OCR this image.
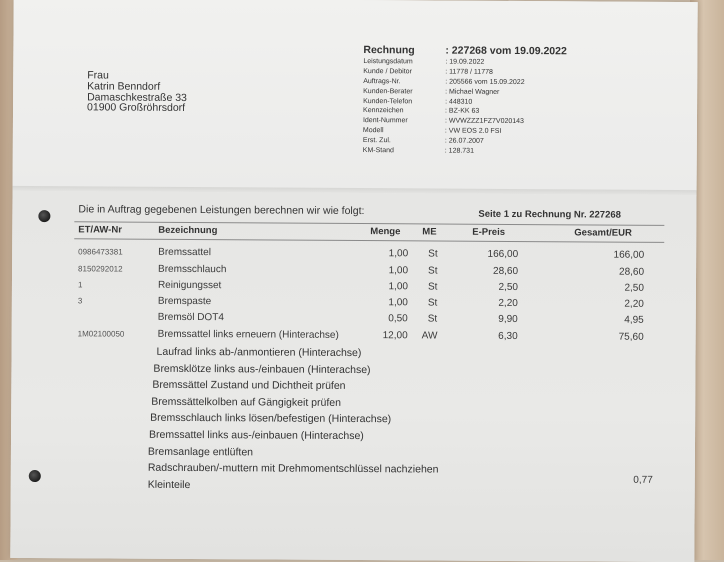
Frau
Katrin Benndorf
Damaschkestraße 33
01900 Großröhrsdorf
Rechnung	: 227268 vom 19.09.2022
Leistungsdatum	: 19.09.2022
Kunde / Debitor	: 11778 / 11778
Auftrags-Nr.	: 205566 vom 15.09.2022
Kunden-Berater	: Michael Wagner
Kunden-Telefon	: 448310
Kennzeichen	: BZ-KK 63
Ident-Nummer	: WVWZZZ1FZ7V020143
Modell	: VW EOS 2.0 FSI
Erst. Zul.	: 26.07.2007
KM-Stand	: 128.731
Die in Auftrag gegebenen Leistungen berechnen wir wie folgt:	Seite 1 zu Rechnung Nr. 227268
ET/AW-Nr	Bezeichnung	Menge ME	E-Preis	Gesamt/EUR
0986473381	Bremssattel	1,00 St	166,00	166,00
8150292012	Bremsschlauch	1,00 St	28,60	28,60
1	Reinigungsset	1,00 St	2,50	2,50
3	Bremspaste	1,00 St	2,20	2,20
Bremsöl DOT4	0,50 St	9,90	4,95
1M02100050	Bremssattel links erneuern (Hinterachse)	12,00 AW	6,30	75,60
Laufrad links ab-/anmontieren (Hinterachse)
Bremsklötze links aus-/einbauen (Hinterachse)
Bremssättel Zustand und Dichtheit prüfen
Bremssättelkolben auf Gängigkeit prüfen
Bremsschlauch links lösen/befestigen (Hinterachse)
Bremssattel links aus-/einbauen (Hinterachse)
Bremsanlage entlüften
Radschrauben/-muttern mit Drehmomentschlüssel nachziehen
Kleinteile	0,77
